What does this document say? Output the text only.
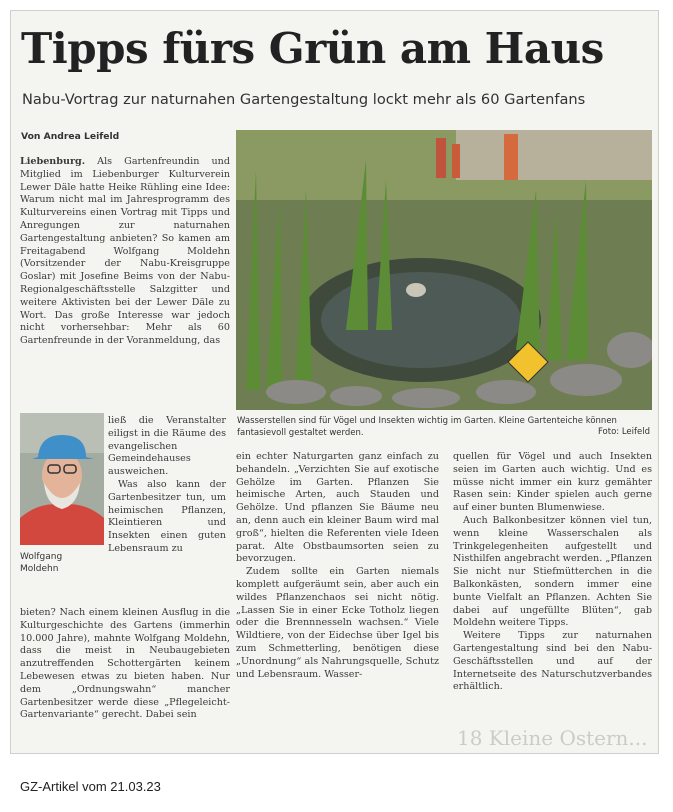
Tipps fürs Grün am Haus
Nabu-Vortrag zur naturnahen Gartengestaltung lockt mehr als 60 Gartenfans
Von Andrea Leifeld

Liebenburg. Als Gartenfreundin und Mitglied im Liebenburger Kulturverein Lewer Däle hatte Heike Rühling eine Idee: Warum nicht mal im Jahresprogramm des Kulturvereins einen Vortrag mit Tipps und Anregungen zur naturnahen Gartengestaltung anbieten? So kamen am Freitagabend Wolfgang Moldehn (Vorsitzender der Nabu-Kreisgruppe Goslar) mit Josefine Beims von der Nabu-Regionalgeschäftsstelle Salzgitter und weitere Aktivisten bei der Lewer Däle zu Wort. Das große Interesse war jedoch nicht vorhersehbar: Mehr als 60 Gartenfreunde in der Voranmeldung, das

Wolfgang
Moldehn

ließ die Veranstalter eiligst in die Räume des evangelischen Gemeindehauses ausweichen.

Was also kann der Gartenbesitzer tun, um heimischen Pflanzen, Kleintieren und Insekten einen guten Lebensraum zu

bieten? Nach einem kleinen Ausflug in die Kulturgeschichte des Gartens (immerhin 10.000 Jahre), mahnte Wolfgang Moldehn, dass die meist in Neubaugebieten anzutreffenden Schottergärten keinem Lebewesen etwas zu bieten haben. Nur dem „Ordnungswahn“ mancher Gartenbesitzer werde diese „Pflegeleicht-Gartenvariante“ gerecht. Dabei sein

Wasserstellen sind für Vögel und Insekten wichtig im Garten. Kleine Gartenteiche können fantasievoll gestaltet werden.	Foto: Leifeld

ein echter Naturgarten ganz einfach zu behandeln. „Verzichten Sie auf exotische Gehölze im Garten. Pflanzen Sie heimische Arten, auch Stauden und Gehölze. Und pflanzen Sie Bäume neu an, denn auch ein kleiner Baum wird mal groß“, hielten die Referenten viele Ideen parat. Alte Obstbaumsorten seien zu bevorzugen.

Zudem sollte ein Garten niemals komplett aufgeräumt sein, aber auch ein wildes Pflanzenchaos sei nicht nötig. „Lassen Sie in einer Ecke Totholz liegen oder die Brennnesseln wachsen.“ Viele Wildtiere, von der Eidechse über Igel bis zum Schmetterling, benötigen diese „Unordnung“ als Nahrungsquelle, Schutz und Lebensraum. Wasser-

quellen für Vögel und auch Insekten seien im Garten auch wichtig. Und es müsse nicht immer ein kurz gemähter Rasen sein: Kinder spielen auch gerne auf einer bunten Blumenwiese.

Auch Balkonbesitzer können viel tun, wenn kleine Wasserschalen als Trinkgelegenheiten aufgestellt und Nisthilfen angebracht werden. „Pflanzen Sie nicht nur Stiefmütterchen in die Balkonkästen, sondern immer eine bunte Vielfalt an Pflanzen. Achten Sie dabei auf ungefüllte Blüten“, gab Moldehn weitere Tipps.

Weitere Tipps zur naturnahen Gartengestaltung sind bei den Nabu-Geschäftsstellen und auf der Internetseite des Naturschutzverbandes erhältlich.

18 Kleine Ostern...
GZ-Artikel vom 21.03.23
